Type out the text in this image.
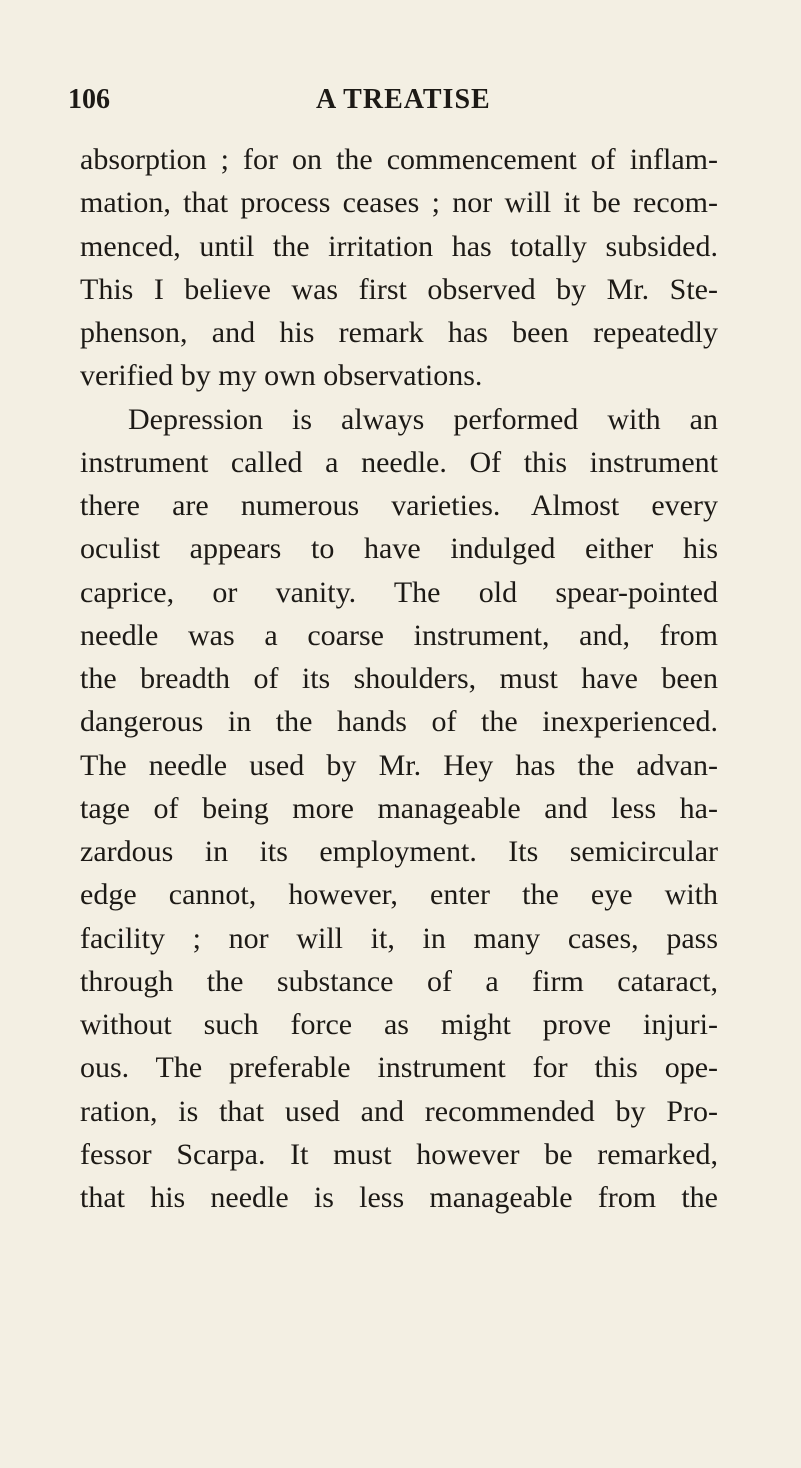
106	A TREATISE
absorption ; for on the commencement of inflam-
mation, that process ceases ; nor will it be recom-
menced, until the irritation has totally subsided.
This I believe was first observed by Mr. Ste-
phenson, and his remark has been repeatedly
verified by my own observations.
Depression is always performed with an
instrument called a needle. Of this instrument
there are numerous varieties. Almost every
oculist appears to have indulged either his
caprice, or vanity. The old spear-pointed
needle was a coarse instrument, and, from
the breadth of its shoulders, must have been
dangerous in the hands of the inexperienced.
The needle used by Mr. Hey has the advan-
tage of being more manageable and less ha-
zardous in its employment. Its semicircular
edge cannot, however, enter the eye with
facility ; nor will it, in many cases, pass
through the substance of a firm cataract,
without such force as might prove injuri-
ous. The preferable instrument for this ope-
ration, is that used and recommended by Pro-
fessor Scarpa. It must however be remarked,
that his needle is less manageable from the
